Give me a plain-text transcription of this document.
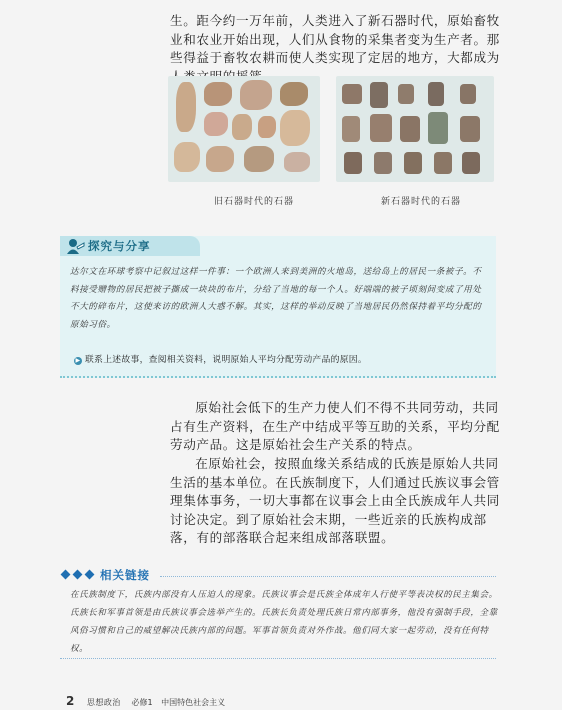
生。距今约一万年前，人类进入了新石器时代，原始畜牧业和农业开始出现，人们从食物的采集者变为生产者。那些得益于畜牧农耕而使人类实现了定居的地方，大都成为

旧石器时代的石器	新石器时代的石器
探究与分享

达尔文在环球考察中记叙过这样一件事：一个欧洲人来到美洲的火地岛，送给岛上的居民一条被子。不料接受赠物的居民把被子撕成一块块的布片，分给了当地的每一个人。好端端的被子顷刻间变成了用处不大的碎布片，这使来访的欧洲人大惑不解。其实，这样的举动反映了当地居民仍然保持着平均分配的原始习俗。

▶ 联系上述故事，查阅相关资料，说明原始人平均分配劳动产品的原因。

原始社会低下的生产力使人们不得不共同劳动，共同占有生产资料，在生产中结成平等互助的关系，平均分配劳动产品。这是原始社会生产关系的特点。

在原始社会，按照血缘关系结成的氏族是原始人共同生活的基本单位。在氏族制度下，人们通过氏族议事会管理集体事务，一切大事都在议事会上由全氏族成年人共同讨论决定。到了原始社会末期，一些近亲的氏族构成部落，有的部落联合起来组成部落联盟。

相关链接

在氏族制度下，氏族内部没有人压迫人的现象。氏族议事会是氏族全体成年人行使平等表决权的民主集会。氏族长和军事首领是由氏族议事会选举产生的。氏族长负责处理氏族日常内部事务，他没有强制手段，全靠风俗习惯和自己的威望解决氏族内部的问题。军事首领负责对外作战。他们同大家一起劳动，没有任何特权。

2 思想政治 必修1 中国特色社会主义
